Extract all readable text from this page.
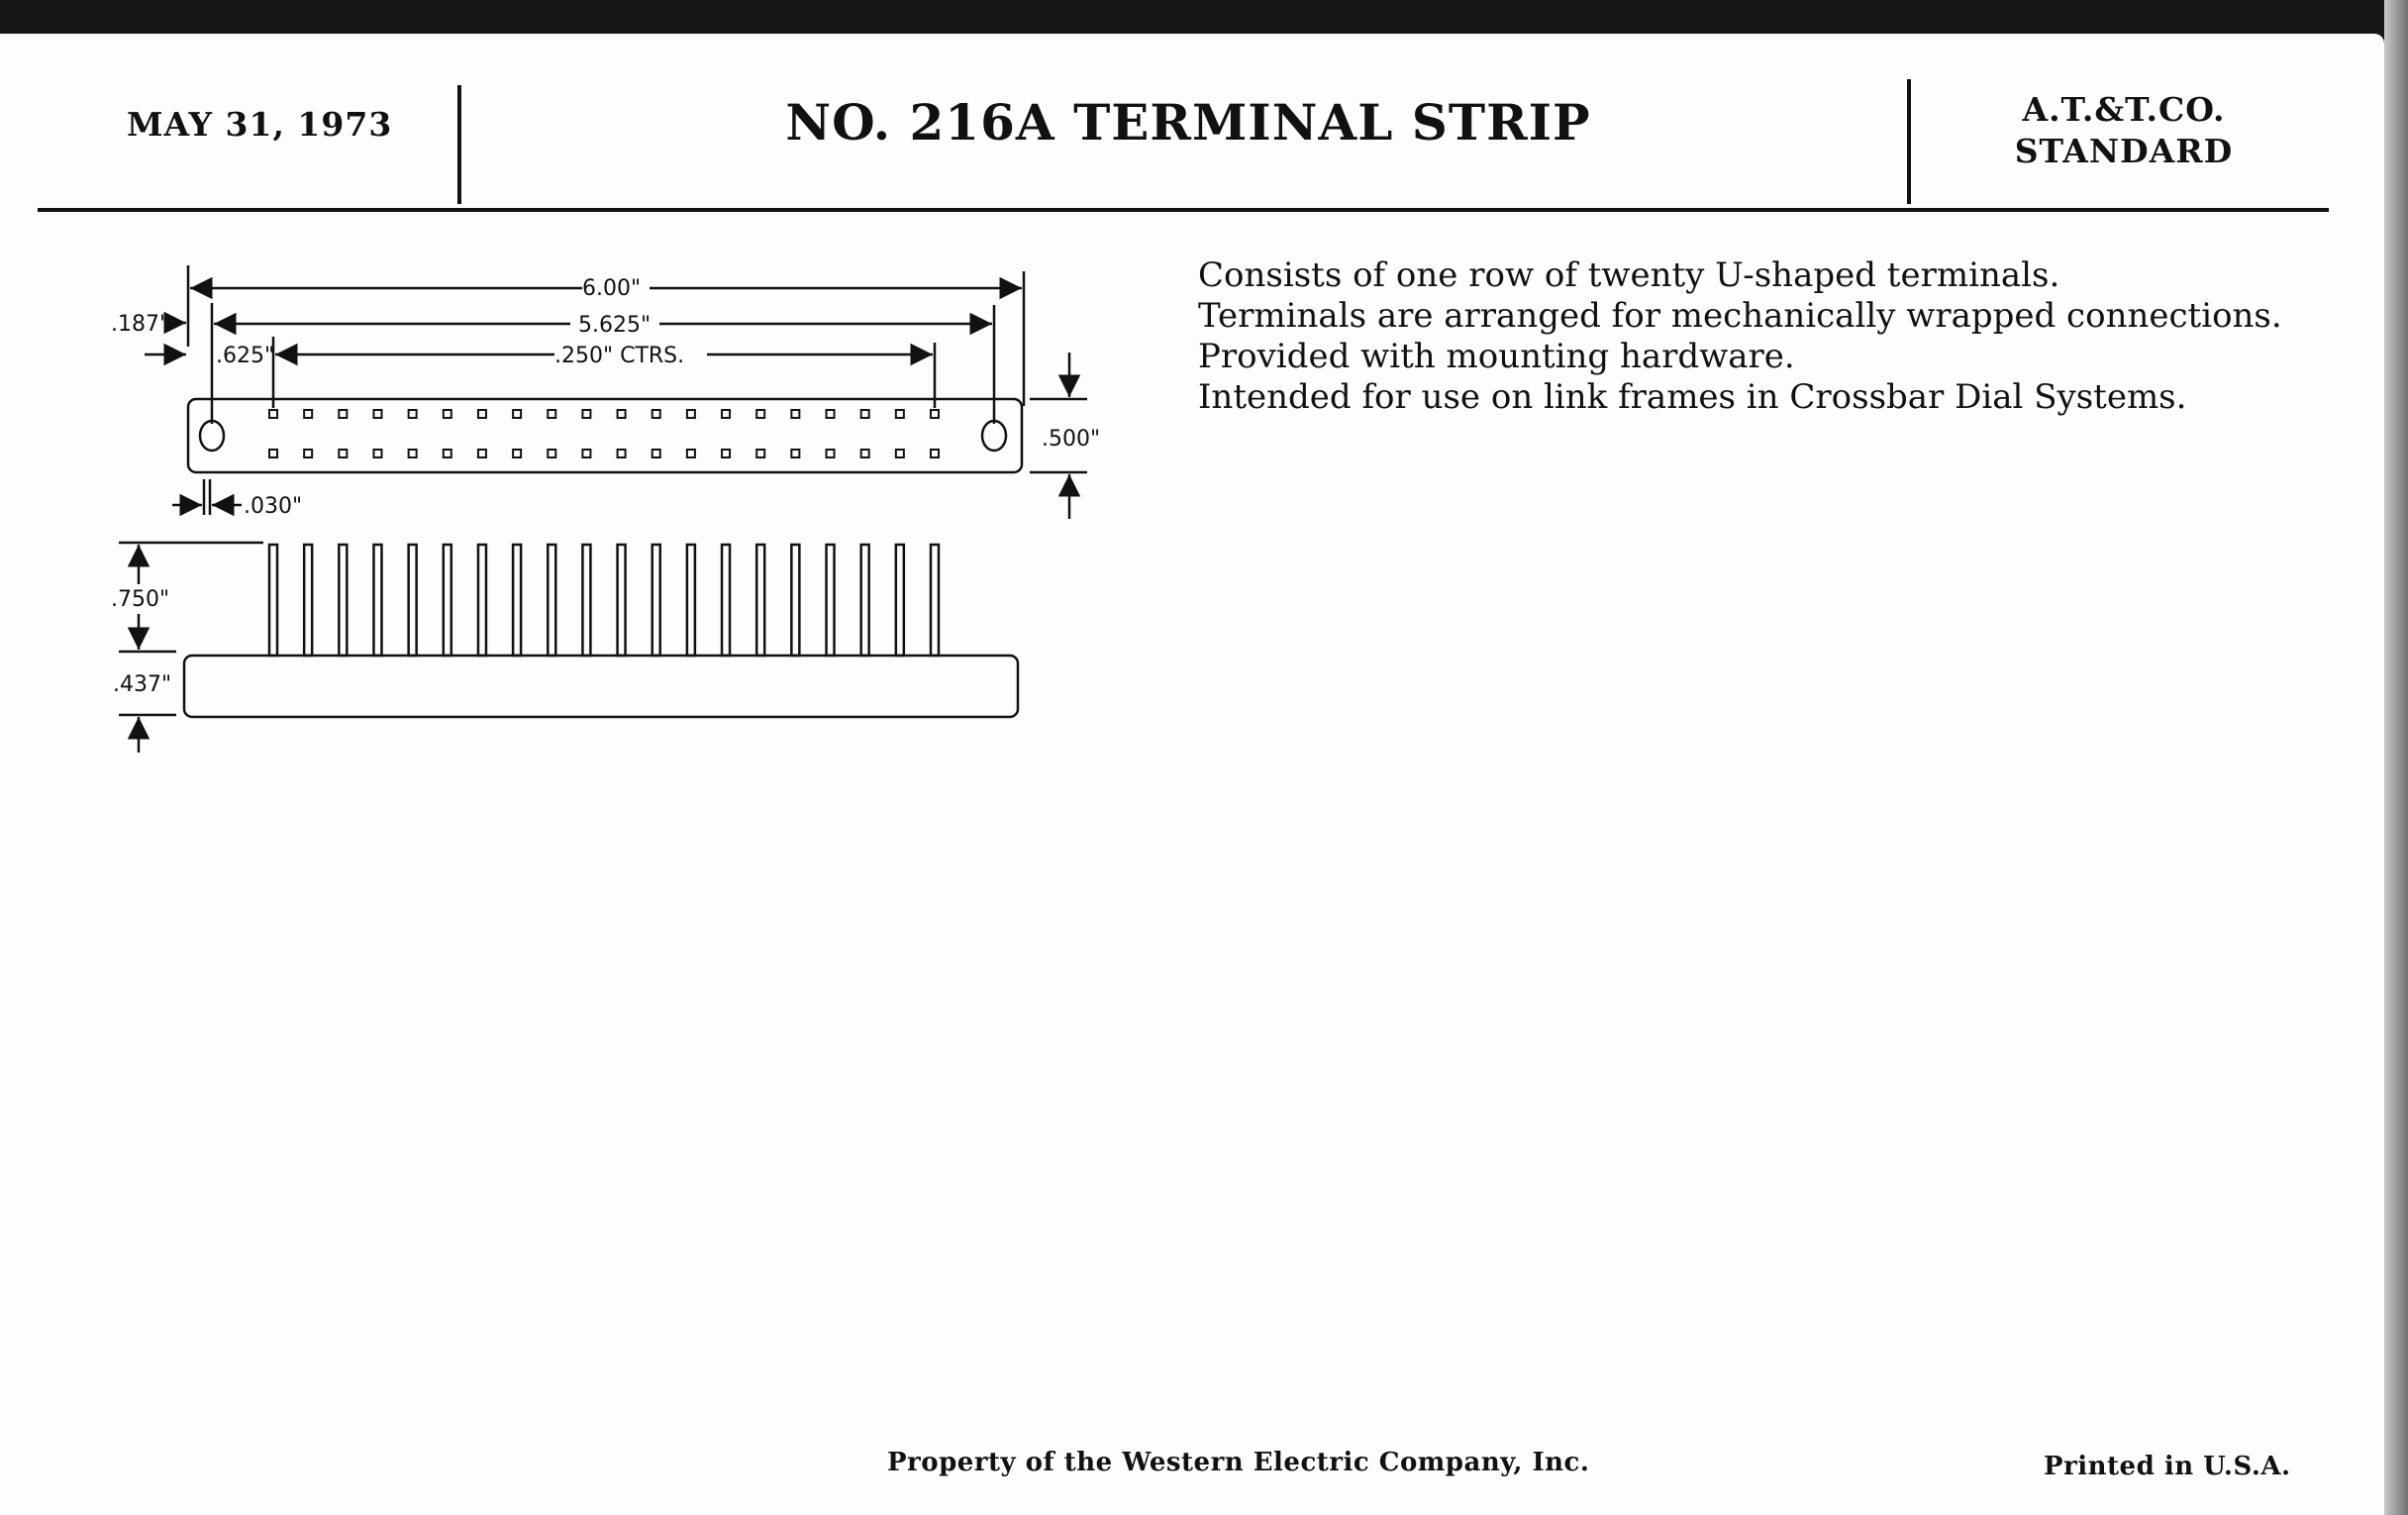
MAY 31, 1973	NO. 216A TERMINAL STRIP	A.T.&T.CO.
STANDARD
Consists of one row of twenty U-shaped terminals.
Terminals are arranged for mechanically wrapped connections.
Provided with mounting hardware.
Intended for use on link frames in Crossbar Dial Systems.
6.00"
5.625"
.187"
.625"	.250" CTRS.
.500"
.030"
.750"
.437"
Property of the Western Electric Company, Inc.	Printed in U.S.A.
